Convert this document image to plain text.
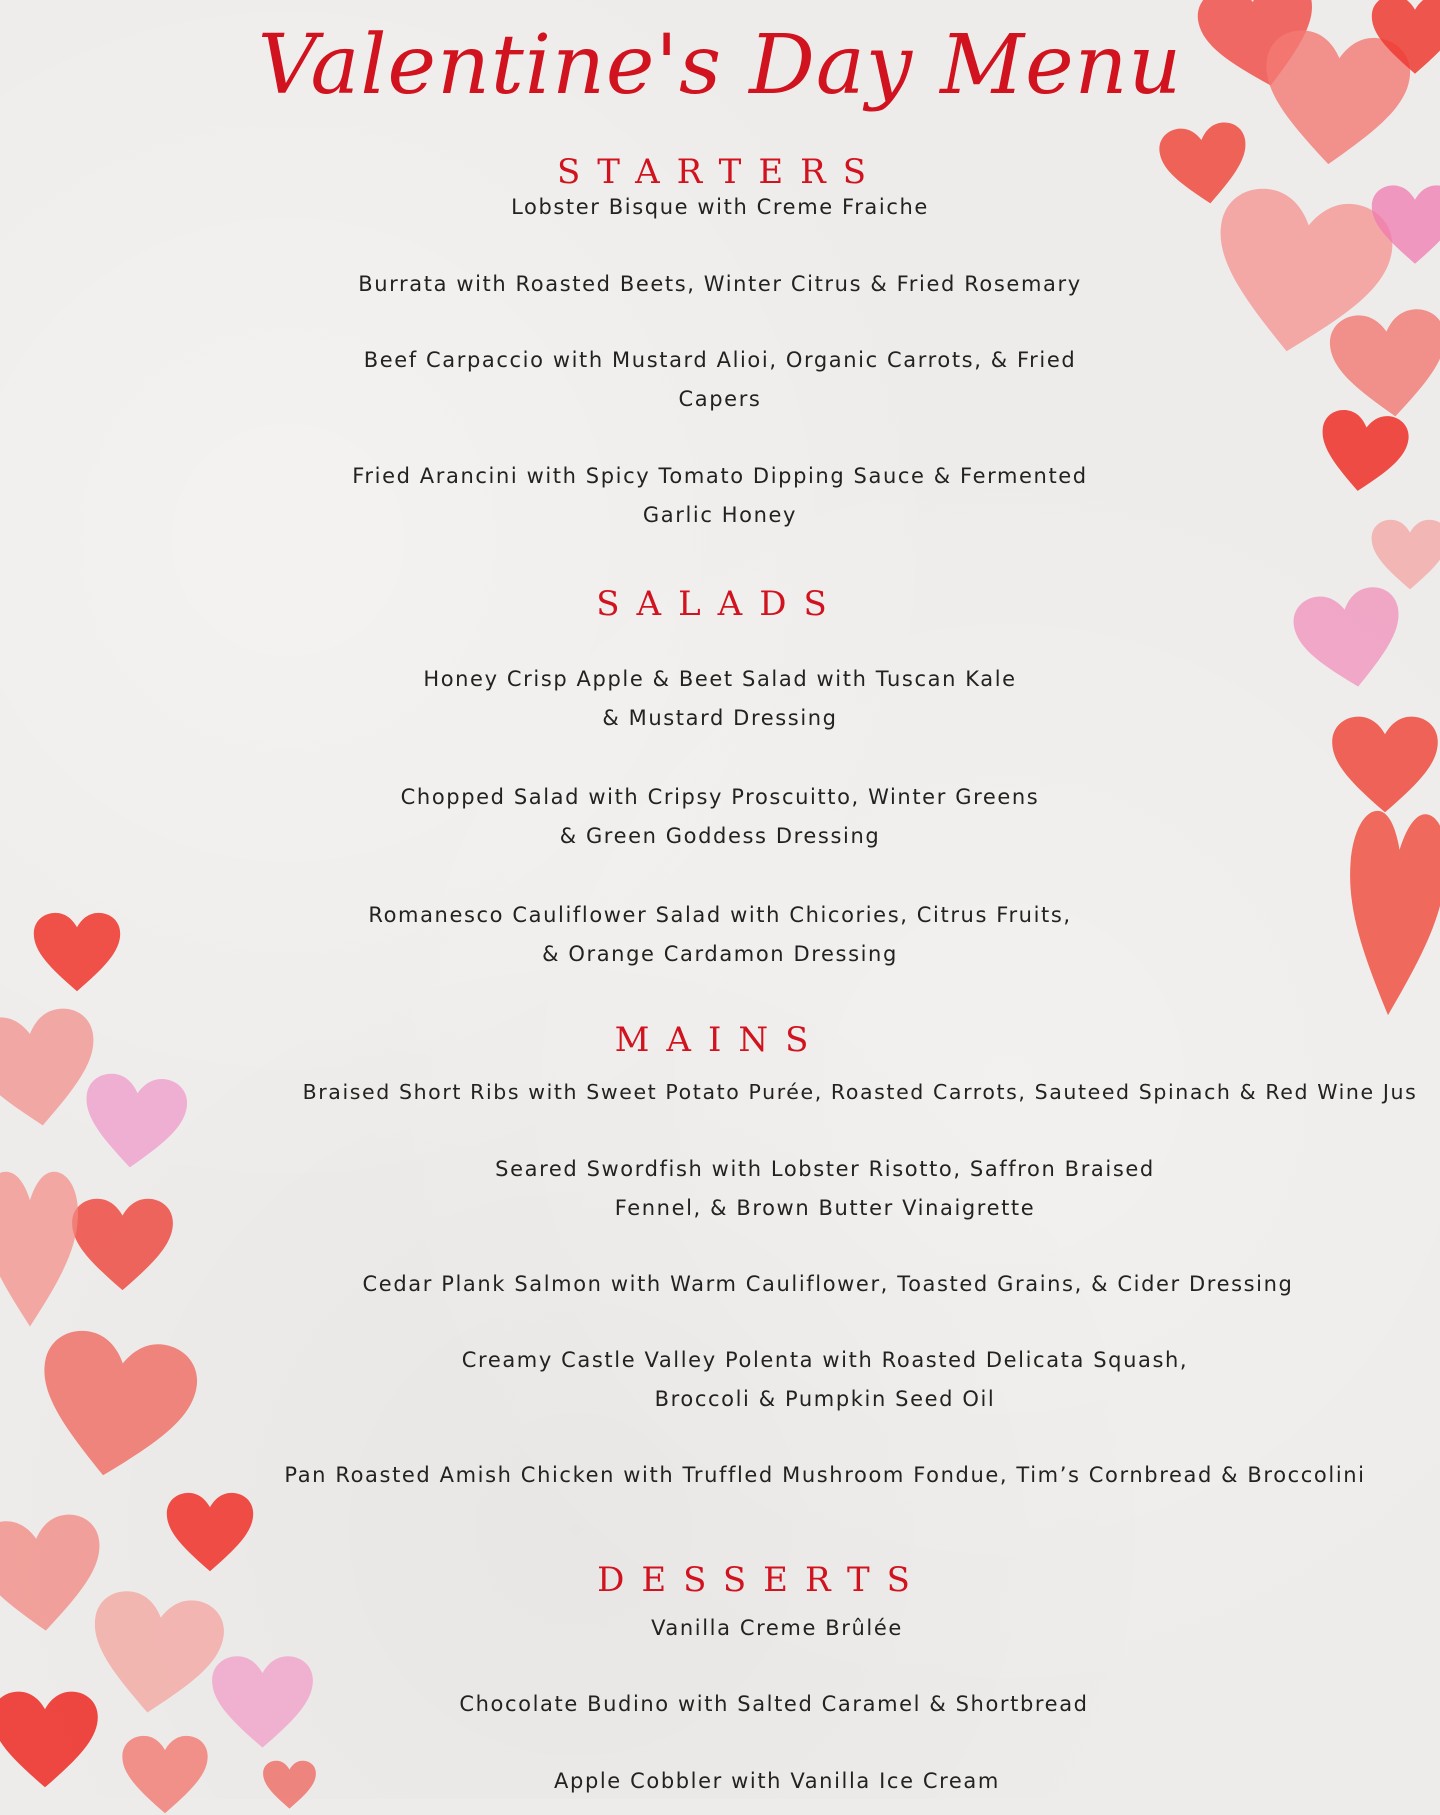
Valentine's Day Menu
STARTERS

Lobster Bisque with Creme Fraiche

Burrata with Roasted Beets, Winter Citrus & Fried Rosemary

Beef Carpaccio with Mustard Alioi, Organic Carrots, & Fried
Capers

Fried Arancini with Spicy Tomato Dipping Sauce & Fermented
Garlic Honey

SALADS

Honey Crisp Apple & Beet Salad with Tuscan Kale
& Mustard Dressing

Chopped Salad with Cripsy Proscuitto, Winter Greens
& Green Goddess Dressing

Romanesco Cauliflower Salad with Chicories, Citrus Fruits,
& Orange Cardamon Dressing

MAINS

Braised Short Ribs with Sweet Potato Purée, Roasted Carrots, Sauteed Spinach & Red Wine Jus

Seared Swordfish with Lobster Risotto, Saffron Braised
Fennel, & Brown Butter Vinaigrette

Cedar Plank Salmon with Warm Cauliflower, Toasted Grains, & Cider Dressing

Creamy Castle Valley Polenta with Roasted Delicata Squash,
Broccoli & Pumpkin Seed Oil

Pan Roasted Amish Chicken with Truffled Mushroom Fondue, Tim’s Cornbread & Broccolini

DESSERTS

Vanilla Creme Brûlée

Chocolate Budino with Salted Caramel & Shortbread

Apple Cobbler with Vanilla Ice Cream
